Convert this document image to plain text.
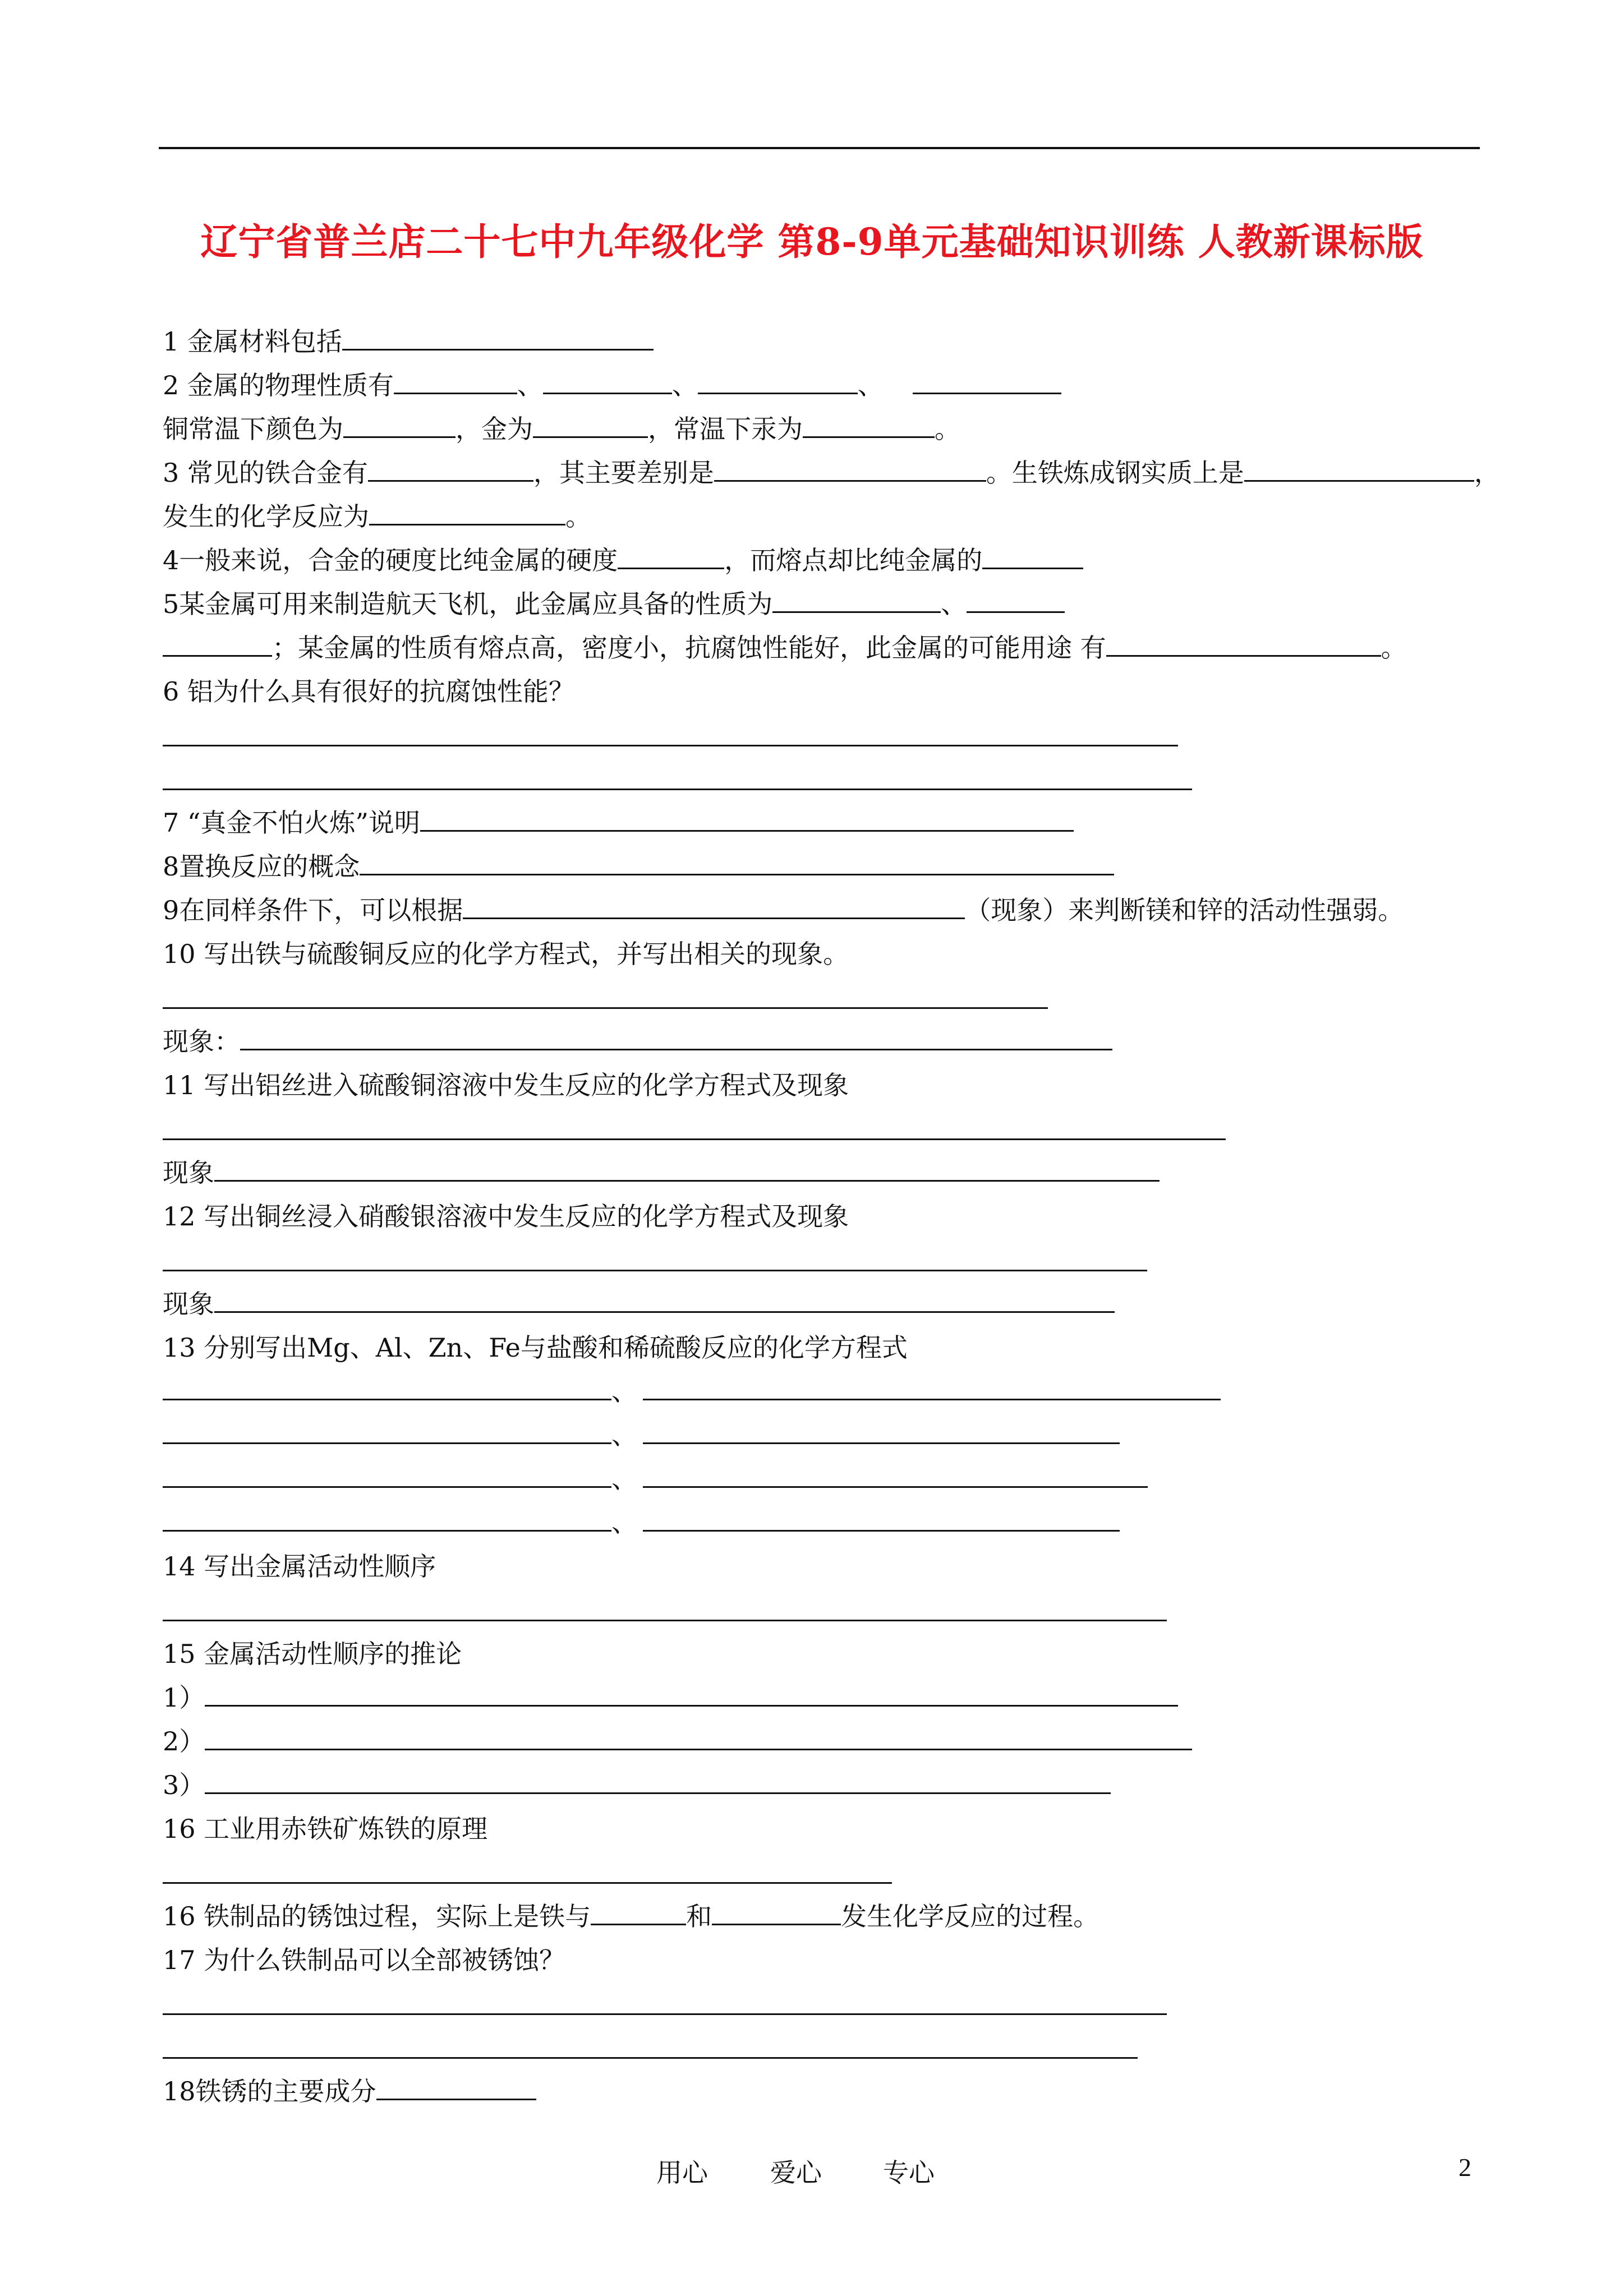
辽宁省普兰店二十七中九年级化学 第8-9单元基础知识训练 人教新课标版
1 金属材料包括
2 金属的物理性质有	、	、	、
铜常温下颜色为	，金为	，常温下汞为	。
3 常见的铁合金有	，其主要差别是	。生铁炼成钢实质上是	，
发生的化学反应为	。
4一般来说，合金的硬度比纯金属的硬度	，而熔点却比纯金属的
5某金属可用来制造航天飞机，此金属应具备的性质为	、
；某金属的性质有熔点高，密度小，抗腐蚀性能好，此金属的可能用途 有	。
6 铝为什么具有很好的抗腐蚀性能？
7 “真金不怕火炼”说明
8置换反应的概念
9在同样条件下，可以根据	（现象）来判断镁和锌的活动性强弱。
10 写出铁与硫酸铜反应的化学方程式，并写出相关的现象。
现象：
11 写出铝丝进入硫酸铜溶液中发生反应的化学方程式及现象
现象
12 写出铜丝浸入硝酸银溶液中发生反应的化学方程式及现象
现象
13 分别写出Mg、Al、Zn、Fe与盐酸和稀硫酸反应的化学方程式
、
、
、
、
14 写出金属活动性顺序
15 金属活动性顺序的推论
1）
2）
3）
16 工业用赤铁矿炼铁的原理
16 铁制品的锈蚀过程，实际上是铁与	和	发生化学反应的过程。
17 为什么铁制品可以全部被锈蚀？
18铁锈的主要成分
用心 爱心 专心	2
